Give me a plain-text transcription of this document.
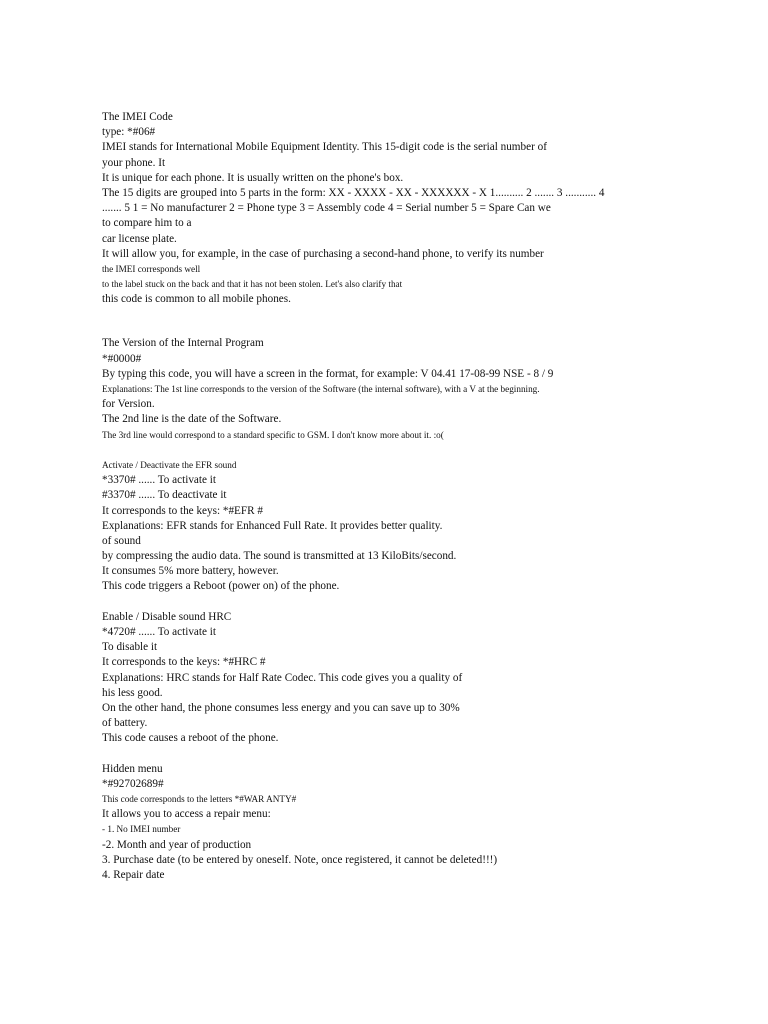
The IMEI Code
type: *#06#
IMEI stands for International Mobile Equipment Identity. This 15-digit code is the serial number of
your phone. It
It is unique for each phone. It is usually written on the phone's box.
The 15 digits are grouped into 5 parts in the form: XX - XXXX - XX - XXXXXX - X 1.......... 2 ....... 3 ........... 4
....... 5 1 = No manufacturer 2 = Phone type 3 = Assembly code 4 = Serial number 5 = Spare Can we
to compare him to a
car license plate.
It will allow you, for example, in the case of purchasing a second-hand phone, to verify its number
the IMEI corresponds well
to the label stuck on the back and that it has not been stolen. Let's also clarify that
this code is common to all mobile phones.
The Version of the Internal Program
*#0000#
By typing this code, you will have a screen in the format, for example: V 04.41 17-08-99 NSE - 8 / 9
Explanations: The 1st line corresponds to the version of the Software (the internal software), with a V at the beginning.
for Version.
The 2nd line is the date of the Software.
The 3rd line would correspond to a standard specific to GSM. I don't know more about it. :o(
Activate / Deactivate the EFR sound
*3370# ...... To activate it
#3370# ...... To deactivate it
It corresponds to the keys: *#EFR #
Explanations: EFR stands for Enhanced Full Rate. It provides better quality.
of sound
by compressing the audio data. The sound is transmitted at 13 KiloBits/second.
It consumes 5% more battery, however.
This code triggers a Reboot (power on) of the phone.
Enable / Disable sound HRC
*4720# ...... To activate it
To disable it
It corresponds to the keys: *#HRC #
Explanations: HRC stands for Half Rate Codec. This code gives you a quality of
his less good.
On the other hand, the phone consumes less energy and you can save up to 30%
of battery.
This code causes a reboot of the phone.
Hidden menu
*#92702689#
This code corresponds to the letters *#WAR ANTY#
It allows you to access a repair menu:
- 1. No IMEI number
-2. Month and year of production
3. Purchase date (to be entered by oneself. Note, once registered, it cannot be deleted!!!)
4. Repair date
